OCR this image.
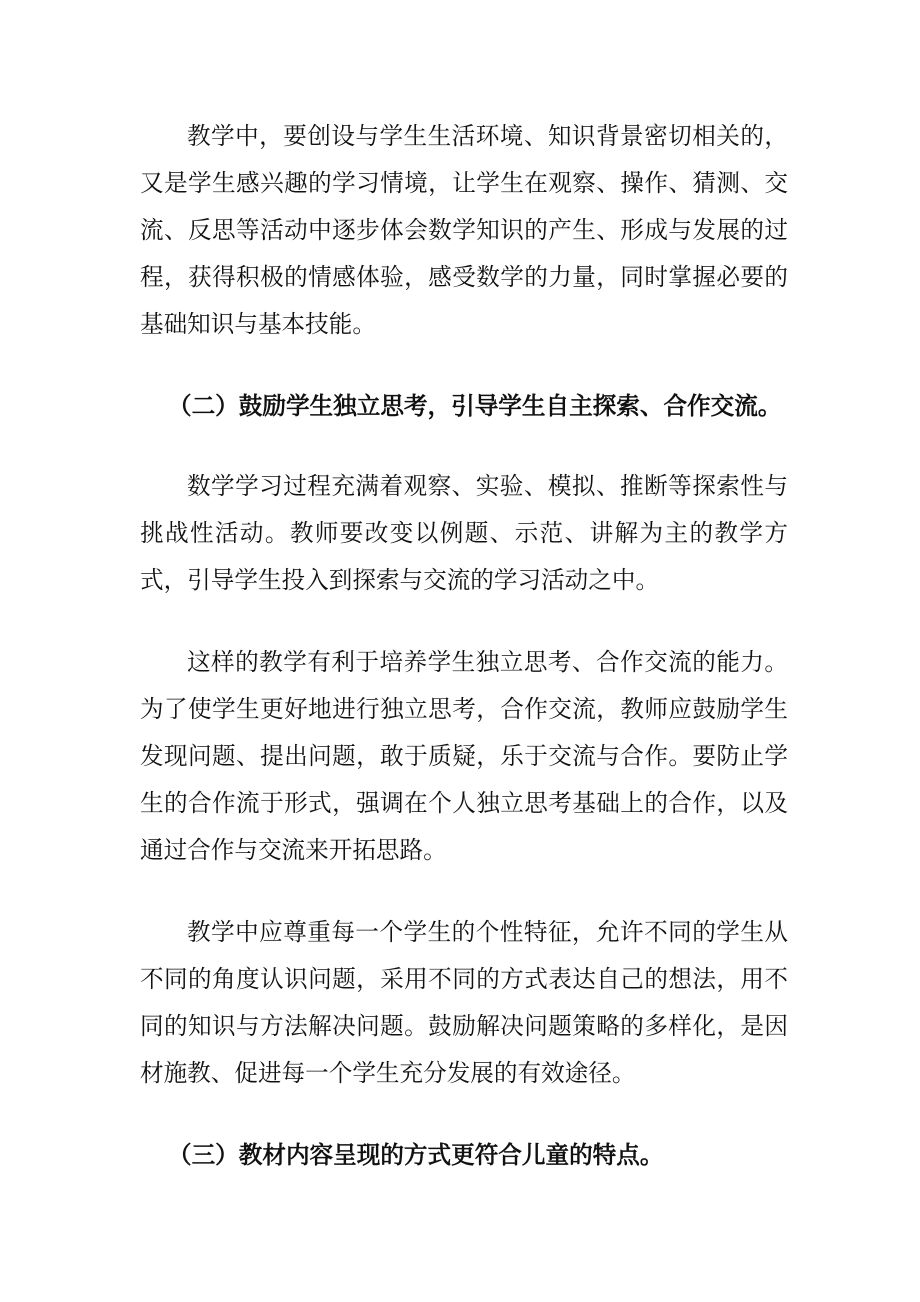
教学中，要创设与学生生活环境、知识背景密切相关的，又是学生感兴趣的学习情境，让学生在观察、操作、猜测、交流、反思等活动中逐步体会数学知识的产生、形成与发展的过程，获得积极的情感体验，感受数学的力量，同时掌握必要的基础知识与基本技能。

（二）鼓励学生独立思考，引导学生自主探索、合作交流。

数学学习过程充满着观察、实验、模拟、推断等探索性与挑战性活动。教师要改变以例题、示范、讲解为主的教学方式，引导学生投入到探索与交流的学习活动之中。

这样的教学有利于培养学生独立思考、合作交流的能力。为了使学生更好地进行独立思考，合作交流，教师应鼓励学生发现问题、提出问题，敢于质疑，乐于交流与合作。要防止学生的合作流于形式，强调在个人独立思考基础上的合作，以及通过合作与交流来开拓思路。

教学中应尊重每一个学生的个性特征，允许不同的学生从不同的角度认识问题，采用不同的方式表达自己的想法，用不同的知识与方法解决问题。鼓励解决问题策略的多样化，是因材施教、促进每一个学生充分发展的有效途径。

（三）教材内容呈现的方式更符合儿童的特点。
